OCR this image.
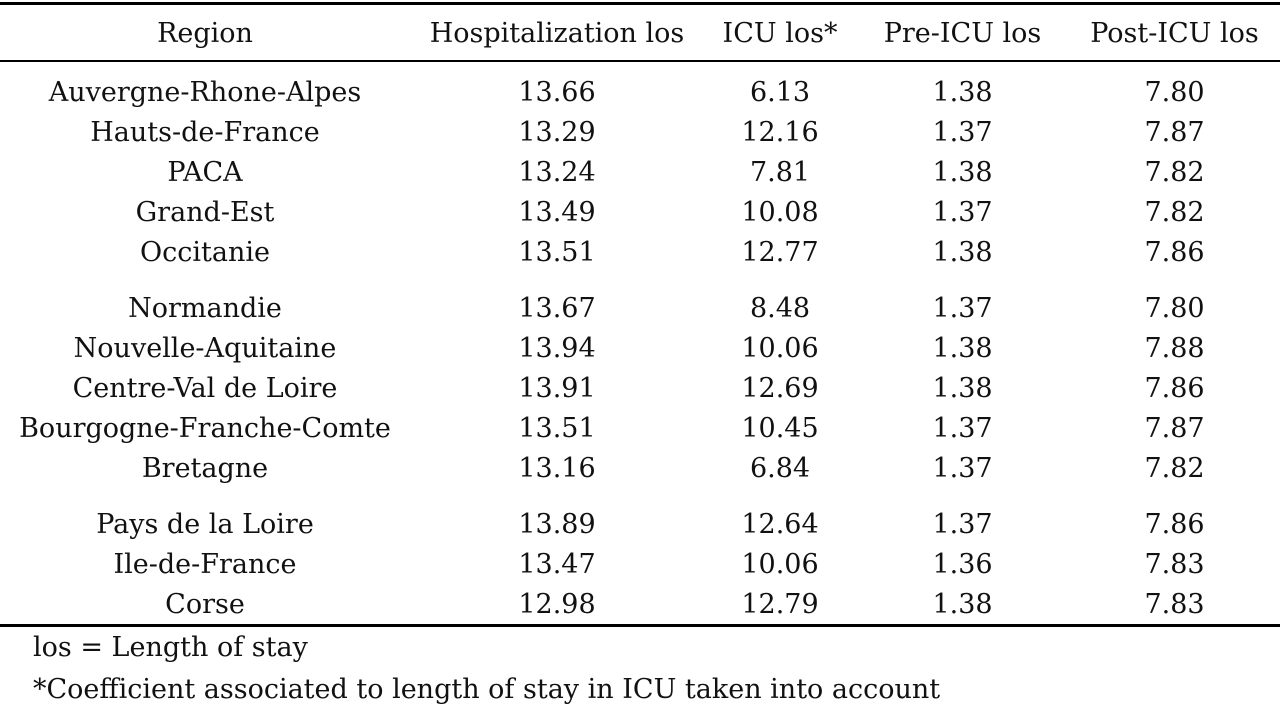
Region	Hospitalization los	ICU los*	Pre-ICU los	Post-ICU los

Auvergne-Rhone-Alpes	13.66	6.13	1.38	7.80
Hauts-de-France	13.29	12.16	1.37	7.87
PACA	13.24	7.81	1.38	7.82
Grand-Est	13.49	10.08	1.37	7.82
Occitanie	13.51	12.77	1.38	7.86

Normandie	13.67	8.48	1.37	7.80
Nouvelle-Aquitaine	13.94	10.06	1.38	7.88
Centre-Val de Loire	13.91	12.69	1.38	7.86
Bourgogne-Franche-Comte	13.51	10.45	1.37	7.87
Bretagne	13.16	6.84	1.37	7.82

Pays de la Loire	13.89	12.64	1.37	7.86
Ile-de-France	13.47	10.06	1.36	7.83
Corse	12.98	12.79	1.38	7.83
los = Length of stay
*Coefficient associated to length of stay in ICU taken into account
